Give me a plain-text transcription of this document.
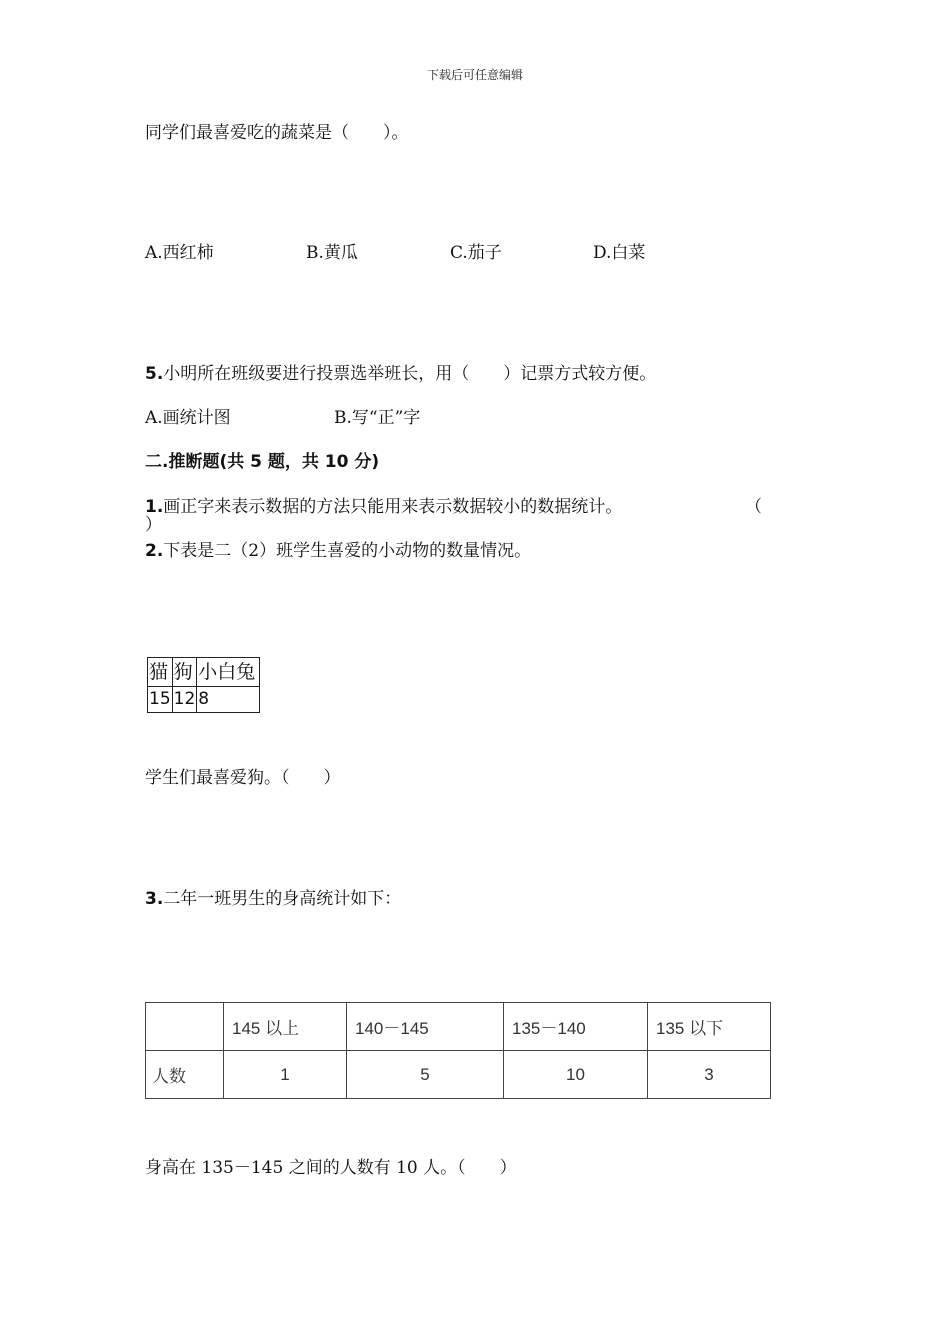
下载后可任意编辑
同学们最喜爱吃的蔬菜是（　　）。
A.西红柿	B.黄瓜	C.茄子	D.白菜
5.小明所在班级要进行投票选举班长，用（　　）记票方式较方便。
A.画统计图	B.写“正”字
二.推断题(共 5 题，共 10 分)
1.画正字来表示数据的方法只能用来表示数据较小的数据统计。	（
）
2.下表是二（2）班学生喜爱的小动物的数量情况。
猫	狗	小白兔
15	12	8
学生们最喜爱狗。（　　）
3.二年一班男生的身高统计如下：
	145 以上	140－145	135－140	135 以下
人数	1	5	10	3
身高在 135－145 之间的人数有 10 人。（　　）
